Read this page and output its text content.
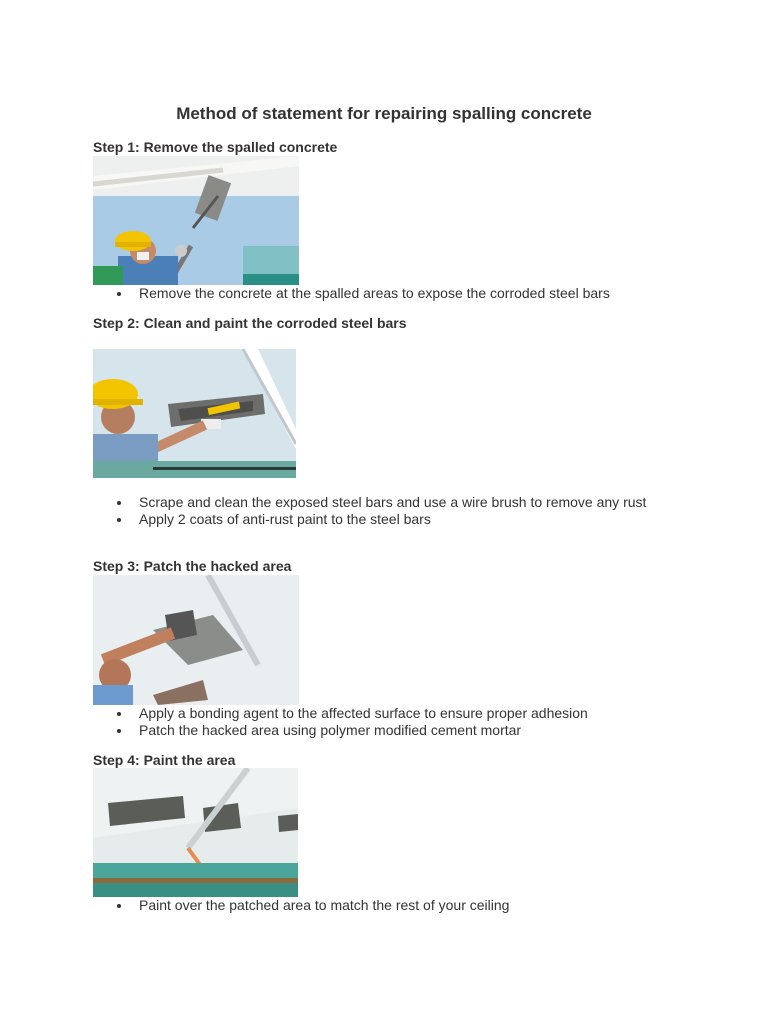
Method of statement for repairing spalling concrete
Step 1: Remove the spalled concrete
Remove the concrete at the spalled areas to expose the corroded steel bars
Step 2: Clean and paint the corroded steel bars
Scrape and clean the exposed steel bars and use a wire brush to remove any rust
Apply 2 coats of anti-rust paint to the steel bars
Step 3: Patch the hacked area
Apply a bonding agent to the affected surface to ensure proper adhesion
Patch the hacked area using polymer modified cement mortar
Step 4: Paint the area
Paint over the patched area to match the rest of your ceiling
